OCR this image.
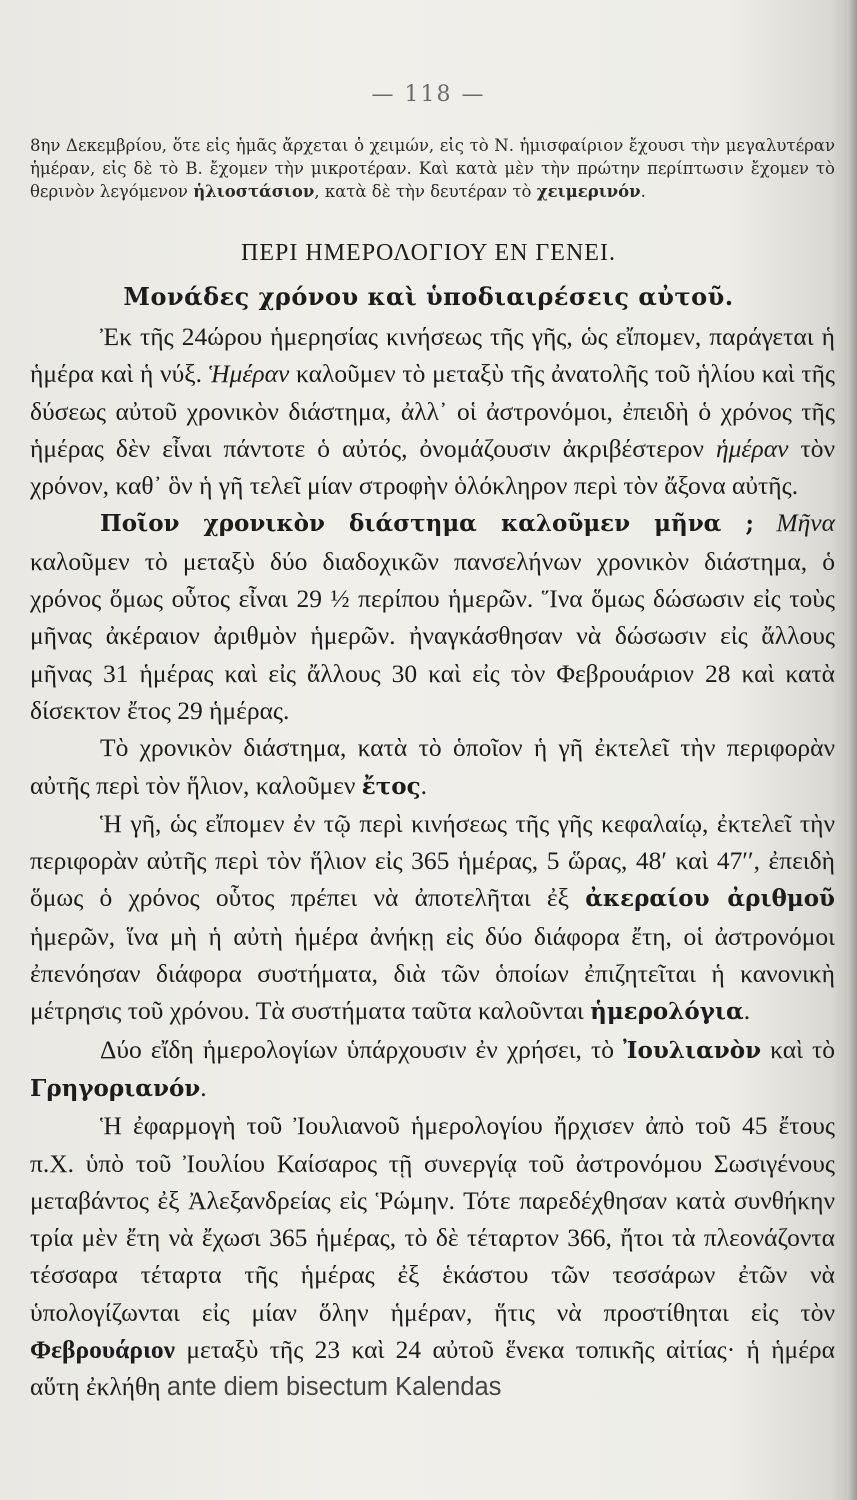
— 118 —
8ην Δεκεμβρίου, ὅτε εἰς ἡμᾶς ἄρχεται ὁ χειμών, εἰς τὸ Ν. ἡμισφαίριον ἔχουσι τὴν μεγαλυτέραν ἡμέραν, εἰς δὲ τὸ Β. ἔχομεν τὴν μικροτέραν. Καὶ κατὰ μὲν τὴν πρώτην περίπτωσιν ἔχομεν τὸ θερινὸν λεγόμενον ἡλιοστάσιον, κατὰ δὲ τὴν δευτέραν τὸ χειμερινόν.
ΠΕΡΙ ΗΜΕΡΟΛΟΓΙΟΥ ΕΝ ΓΕΝΕΙ.
Μονάδες χρόνου καὶ ὑποδιαιρέσεις αὐτοῦ.

Ἐκ τῆς 24ώρου ἡμερησίας κινήσεως τῆς γῆς, ὡς εἴπομεν, παράγεται ἡ ἡμέρα καὶ ἡ νύξ. Ἡμέραν καλοῦμεν τὸ μεταξὺ τῆς ἀνατολῆς τοῦ ἡλίου καὶ τῆς δύσεως αὐτοῦ χρονικὸν διάστημα, ἀλλ᾽ οἱ ἀστρονόμοι, ἐπειδὴ ὁ χρόνος τῆς ἡμέρας δὲν εἶναι πάντοτε ὁ αὐτός, ὀνομάζουσιν ἀκριβέστερον ἡμέραν τὸν χρόνον, καθ᾽ ὃν ἡ γῆ τελεῖ μίαν στροφὴν ὁλόκληρον περὶ τὸν ἄξονα αὐτῆς.

Ποῖον χρονικὸν διάστημα καλοῦμεν μῆνα ; Μῆνα καλοῦμεν τὸ μεταξὺ δύο διαδοχικῶν πανσελήνων χρονικὸν διάστημα, ὁ χρόνος ὅμως οὗτος εἶναι 29 ½ περίπου ἡμερῶν. Ἵνα ὅμως δώσωσιν εἰς τοὺς μῆνας ἀκέραιον ἀριθμὸν ἡμερῶν. ἠναγκάσθησαν νὰ δώσωσιν εἰς ἄλλους μῆνας 31 ἡμέρας καὶ εἰς ἄλλους 30 καὶ εἰς τὸν Φεβρουάριον 28 καὶ κατὰ δίσεκτον ἔτος 29 ἡμέρας.

Τὸ χρονικὸν διάστημα, κατὰ τὸ ὁποῖον ἡ γῆ ἐκτελεῖ τὴν περιφορὰν αὐτῆς περὶ τὸν ἥλιον, καλοῦμεν ἔτος.

Ἡ γῆ, ὡς εἴπομεν ἐν τῷ περὶ κινήσεως τῆς γῆς κεφαλαίῳ, ἐκτελεῖ τὴν περιφορὰν αὐτῆς περὶ τὸν ἥλιον εἰς 365 ἡμέρας, 5 ὥρας, 48′ καὶ 47′′, ἐπειδὴ ὅμως ὁ χρόνος οὗτος πρέπει νὰ ἀποτελῆται ἐξ ἀκεραίου ἀριθμοῦ ἡμερῶν, ἵνα μὴ ἡ αὐτὴ ἡμέρα ἀνήκῃ εἰς δύο διάφορα ἔτη, οἱ ἀστρονόμοι ἐπενόησαν διάφορα συστήματα, διὰ τῶν ὁποίων ἐπιζητεῖται ἡ κανονικὴ μέτρησις τοῦ χρόνου. Τὰ συστήματα ταῦτα καλοῦνται ἡμερολόγια.

Δύο εἴδη ἡμερολογίων ὑπάρχουσιν ἐν χρήσει, τὸ Ἰουλιανὸν καὶ τὸ Γρηγοριανόν.

Ἡ ἐφαρμογὴ τοῦ Ἰουλιανοῦ ἡμερολογίου ἤρχισεν ἀπὸ τοῦ 45 ἔτους π.Χ. ὑπὸ τοῦ Ἰουλίου Καίσαρος τῇ συνεργίᾳ τοῦ ἀστρονόμου Σωσιγένους μεταβάντος ἐξ Ἀλεξανδρείας εἰς Ῥώμην. Τότε παρεδέχθησαν κατὰ συνθήκην τρία μὲν ἔτη νὰ ἔχωσι 365 ἡμέρας, τὸ δὲ τέταρτον 366, ἤτοι τὰ πλεονάζοντα τέσσαρα τέταρτα τῆς ἡμέρας ἐξ ἑκάστου τῶν τεσσάρων ἐτῶν νὰ ὑπολογίζωνται εἰς μίαν ὅλην ἡμέραν, ἥτις νὰ προστίθηται εἰς τὸν Φεβρουάριον μεταξὺ τῆς 23 καὶ 24 αὐτοῦ ἕνεκα τοπικῆς αἰτίας· ἡ ἡμέρα αὕτη ἐκλήθη ante diem bisectum Kalendas
